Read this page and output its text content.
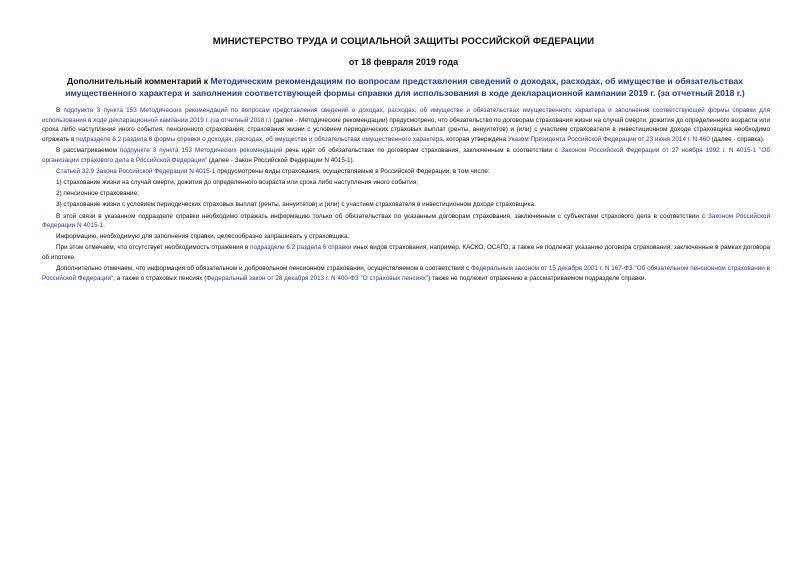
МИНИСТЕРСТВО ТРУДА И СОЦИАЛЬНОЙ ЗАЩИТЫ РОССИЙСКОЙ ФЕДЕРАЦИИ
от 18 февраля 2019 года
Дополнительный комментарий к Методическим рекомендациям по вопросам представления сведений о доходах, расходах, об имуществе и обязательствах имущественного характера и заполнения соответствующей формы справки для использования в ходе декларационной кампании 2019 г. (за отчетный 2018 г.)

В подпункте 3 пункта 153 Методических рекомендаций по вопросам представления сведений о доходах, расходах, об имуществе и обязательствах имущественного характера и заполнения соответствующей формы справки для использования в ходе декларационной кампании 2019 г. (за отчетный 2018 г.) (далее - Методические рекомендации) предусмотрено, что обязательство по договорам страхования жизни на случай смерти, дожития до определенного возраста или срока либо наступления иного события; пенсионного страхования; страхования жизни с условием периодических страховых выплат (ренты, аннуитетов) и (или) с участием страхователя в инвестиционном доходе страховщика необходимо отражать в подразделе 6.2 раздела 6 формы справки о доходах, расходах, об имуществе и обязательствах имущественного характера, которая утверждена Указом Президента Российской Федерации от 23 июня 2014 г. N 460 (далее - справка).

В рассматриваемом подпункте 3 пункта 153 Методических рекомендаций речь идет об обязательствах по договорам страхования, заключенным в соответствии с Законом Российской Федерации от 27 ноября 1992 г. N 4015-1 "Об организации страхового дела в Российской Федерации" (далее - Закон Российской Федерации N 4015-1).

Статьей 32.9 Закона Российской Федерации N 4015-1 предусмотрены виды страхования, осуществляемые в Российской Федерации, в том числе:

1) страхование жизни на случай смерти, дожития до определенного возраста или срока либо наступления иного события;

2) пенсионное страхование;

3) страхование жизни с условием периодических страховых выплат (ренты, аннуитетов) и (или) с участием страхователя в инвестиционном доходе страховщика.

В этой связи в указанном подразделе справки необходимо отражать информацию только об обязательствах по указанным договорам страхования, заключенным с субъектами страхового дела в соответствии с Законом Российской Федерации N 4015-1.

Информацию, необходимую для заполнения справки, целесообразно запрашивать у страховщика.

При этом отмечаем, что отсутствует необходимость отражения в подразделе 6.2 раздела 6 справки иных видов страхования, например, КАСКО, ОСАГО, а также не подлежат указанию договора страхования, заключенные в рамках договора об ипотеке.

Дополнительно отмечаем, что информация об обязательном и добровольном пенсионном страховании, осуществляемом в соответствии с Федеральным законом от 15 декабря 2001 г. N 167-ФЗ "Об обязательном пенсионном страховании в Российской Федерации", а также о страховых пенсиях (Федеральный закон от 28 декабря 2013 г. N 400-ФЗ "О страховых пенсиях") также не подлежит отражению в рассматриваемом подразделе справки.
